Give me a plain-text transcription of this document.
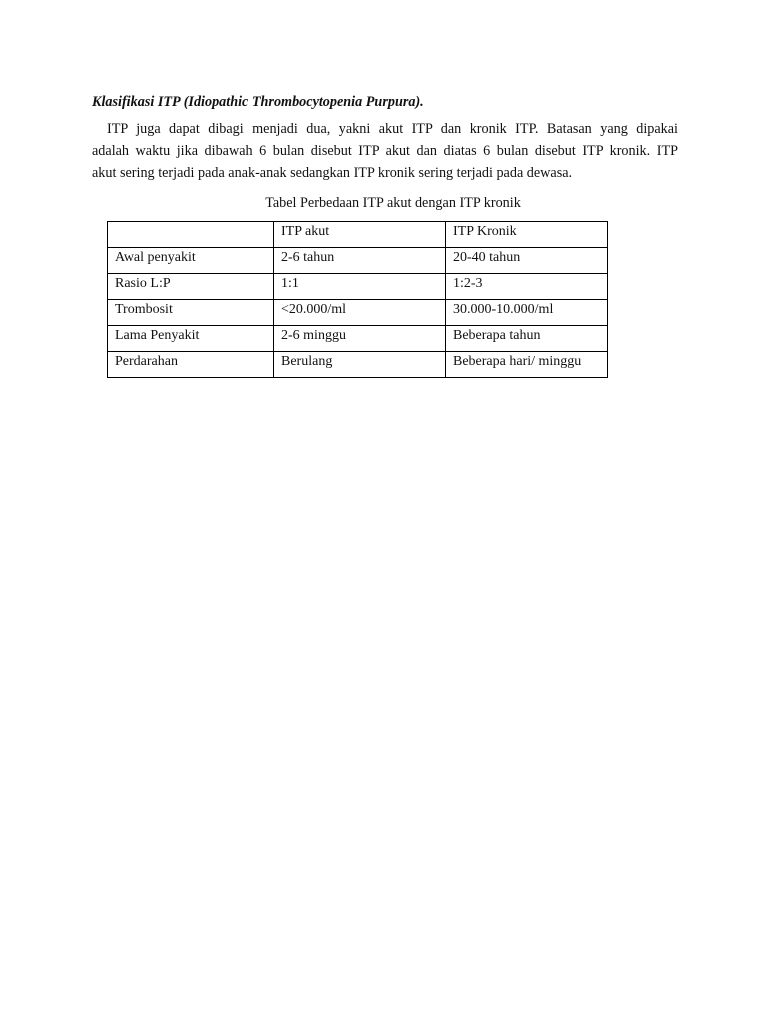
Klasifikasi ITP (Idiopathic Thrombocytopenia Purpura).
ITP juga dapat dibagi menjadi dua, yakni akut ITP dan kronik ITP. Batasan yang dipakai
adalah waktu jika dibawah 6 bulan disebut ITP akut dan diatas 6 bulan disebut ITP kronik. ITP
akut sering terjadi pada anak-anak sedangkan ITP kronik sering terjadi pada dewasa.
Tabel Perbedaan ITP akut dengan ITP kronik
	ITP akut	ITP Kronik
Awal penyakit	2-6 tahun	20-40 tahun
Rasio L:P	1:1	1:2-3
Trombosit	<20.000/ml	30.000-10.000/ml
Lama Penyakit	2-6 minggu	Beberapa tahun
Perdarahan	Berulang	Beberapa hari/ minggu
